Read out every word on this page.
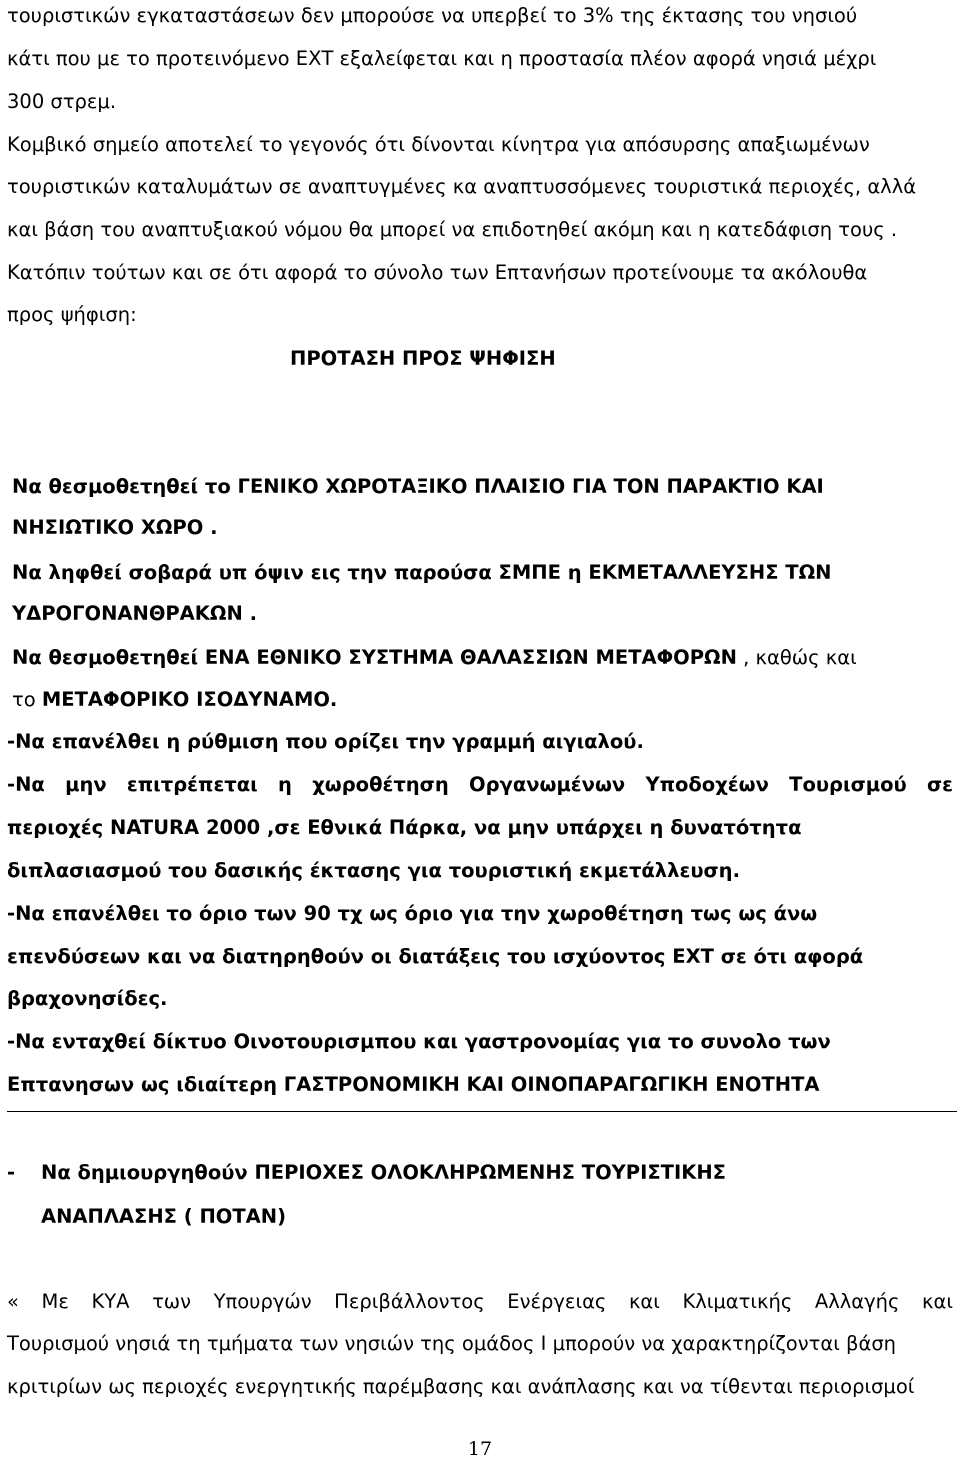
τουριστικών εγκαταστάσεων δεν μπορούσε να υπερβεί το 3% της έκτασης του νησιού
κάτι που με το προτεινόμενο ΕΧΤ εξαλείφεται και η προστασία πλέον αφορά νησιά μέχρι
300 στρεμ.
Κομβικό σημείο αποτελεί το γεγονός ότι δίνονται κίνητρα για απόσυρσης απαξιωμένων
τουριστικών καταλυμάτων σε αναπτυγμένες κα αναπτυσσόμενες τουριστικά περιοχές, αλλά
και βάση του αναπτυξιακού νόμου θα μπορεί να επιδοτηθεί ακόμη και η κατεδάφιση τους .
Κατόπιν τούτων και σε ότι αφορά το σύνολο των Επτανήσων προτείνουμε τα ακόλουθα
προς ψήφιση:
ΠΡΟΤΑΣΗ ΠΡΟΣ ΨΗΦΙΣΗ
Να θεσμοθετηθεί το ΓΕΝΙΚΟ ΧΩΡΟΤΑΞΙΚΟ ΠΛΑΙΣΙΟ ΓΙΑ ΤΟΝ ΠΑΡΑΚΤΙΟ ΚΑΙ
ΝΗΣΙΩΤΙΚΟ ΧΩΡΟ .
Να ληφθεί σοβαρά υπ όψιν εις την παρούσα ΣΜΠΕ η ΕΚΜΕΤΑΛΛΕΥΣΗΣ ΤΩΝ
ΥΔΡΟΓΟΝΑΝΘΡΑΚΩΝ .
Να θεσμοθετηθεί ΕΝΑ ΕΘΝΙΚΟ ΣΥΣΤΗΜΑ ΘΑΛΑΣΣΙΩΝ ΜΕΤΑΦΟΡΩΝ , καθώς και
το ΜΕΤΑΦΟΡΙΚΟ ΙΣΟΔΥΝΑΜΟ.
-Να επανέλθει η ρύθμιση που ορίζει την γραμμή αιγιαλού.
-Να μην επιτρέπεται η χωροθέτηση Οργανωμένων Υποδοχέων Τουρισμού σε
περιοχές NATURA 2000 ,σε Εθνικά Πάρκα, να μην υπάρχει η δυνατότητα
διπλασιασμού του δασικής έκτασης για τουριστική εκμετάλλευση.
-Να επανέλθει το όριο των 90 τχ ως όριο για την χωροθέτηση τως ως άνω
επενδύσεων και να διατηρηθούν οι διατάξεις του ισχύοντος ΕΧΤ σε ότι αφορά
βραχονησίδες.
-Να ενταχθεί δίκτυο Οινοτουρισμπου και γαστρονομίας για το συνολο των
Επτανησων ως ιδιαίτερη ΓΑΣΤΡΟΝΟΜΙΚΗ ΚΑΙ ΟΙΝΟΠΑΡΑΓΩΓΙΚΗ ΕΝΟΤΗΤΑ
- Να δημιουργηθούν ΠΕΡΙΟΧΕΣ ΟΛΟΚΛΗΡΩΜΕΝΗΣ ΤΟΥΡΙΣΤΙΚΗΣ
ΑΝΑΠΛΑΣΗΣ ( ΠΟΤΑΝ)
« Με ΚΥΑ των Υπουργών Περιβάλλοντος Ενέργειας και Κλιματικής Αλλαγής και
Τουρισμού νησιά τη τμήματα των νησιών της ομάδος Ι μπορούν να χαρακτηρίζονται βάση
κριτιρίων ως περιοχές ενεργητικής παρέμβασης και ανάπλασης και να τίθενται περιορισμοί
17
